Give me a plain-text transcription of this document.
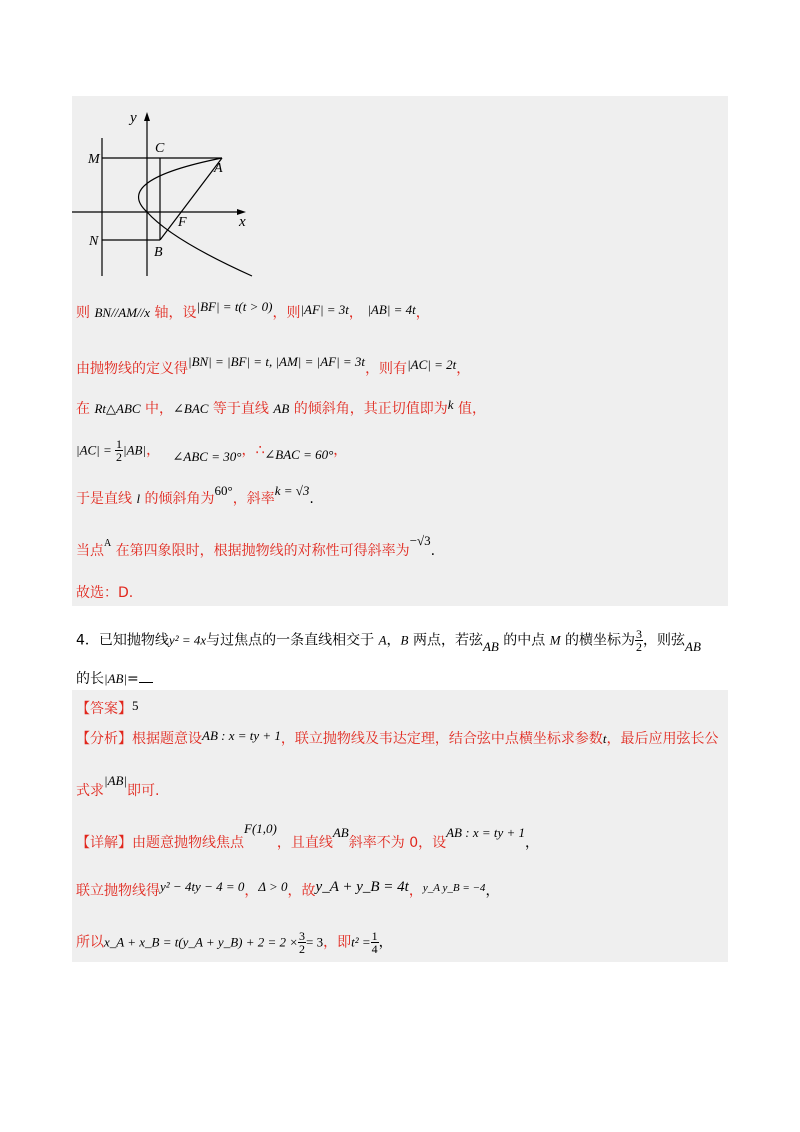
y
x
M
N
C
A
F
B
则 BN//AM//x 轴，设|BF| = t(t > 0)，则|AF| = 3t， |AB| = 4t，
由抛物线的定义得|BN| = |BF| = t, |AM| = |AF| = 3t，则有|AC| = 2t，
在 Rt△ABC 中，∠BAC 等于直线 AB 的倾斜角，其正切值即为k 值，
$|AC| = \frac{1}{2} |AB|$， ∠ABC = 30°，∴∠BAC = 60°，
于是直线 l 的倾斜角为60°，斜率k = √3.
当点$^A$ 在第四象限时，根据抛物线的对称性可得斜率为−√3.
故选：D.
4．已知抛物线y² = 4x与过焦点的一条直线相交于 A，B 两点，若弦AB 的中点 M 的横坐标为 $\frac{3}{2}$ ，则弦AB
的长|AB|=
【答案】5
【分析】根据题意设AB : x = ty + 1，联立抛物线及韦达定理，结合弦中点横坐标求参数t，最后应用弦长公
式求|AB|即可.
【详解】由题意抛物线焦点F(1,0)，且直线AB斜率不为 0，设AB : x = ty + 1，
联立抛物线得y² − 4ty − 4 = 0，Δ > 0，故y_A + y_B = 4t，$^{y\_A y\_B = -4}$，
所以x_A + x_B = t(y_A + y_B) + $2 = 2 \times \frac{3}{2} = 3$，即$t^2 = \frac{1}{4}$ ，
